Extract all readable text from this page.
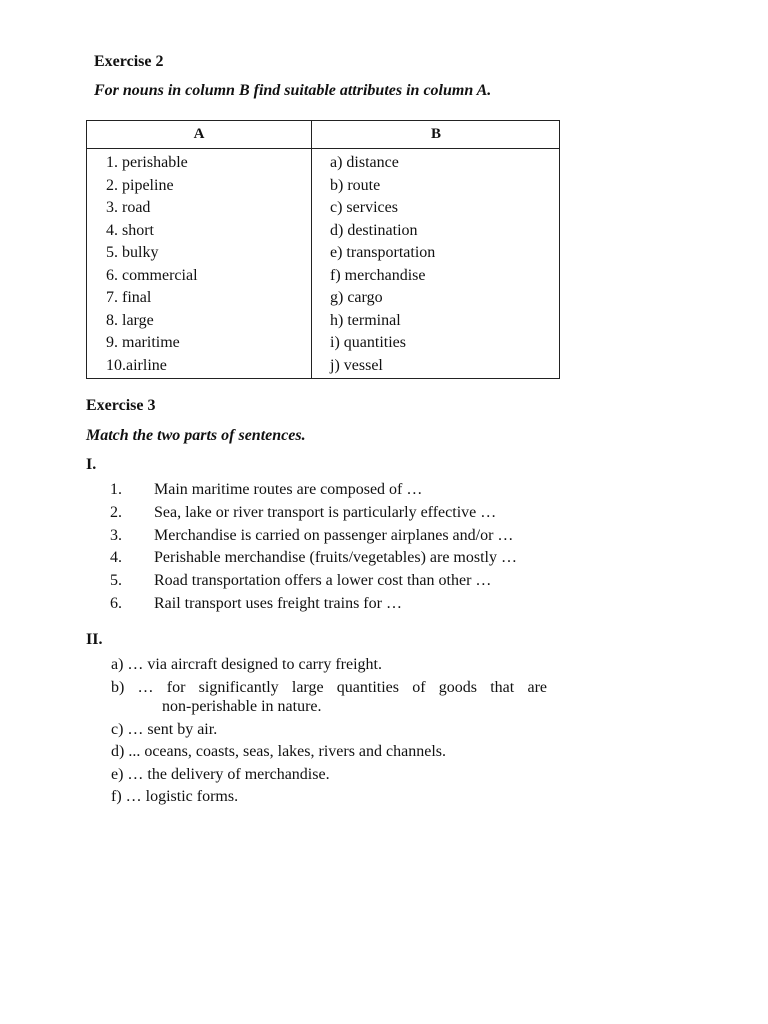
Exercise 2
For nouns in column B find suitable attributes in column A.
A	B
1. perishable
2. pipeline
3. road
4. short
5. bulky
6. commercial
7. final
8. large
9. maritime
10.airline
a) distance
b) route
c) services
d) destination
e) transportation
f) merchandise
g) cargo
h) terminal
i) quantities
j) vessel
Exercise 3
Match the two parts of sentences.
I.
1. Main maritime routes are composed of …
2. Sea, lake or river transport is particularly effective …
3. Merchandise is carried on passenger airplanes and/or …
4. Perishable merchandise (fruits/vegetables) are mostly …
5. Road transportation offers a lower cost than other …
6. Rail transport uses freight trains for …
II.
a) … via aircraft designed to carry freight.
b) … for significantly large quantities of goods that are
non-perishable in nature.
c) … sent by air.
d) ... oceans, coasts, seas, lakes, rivers and channels.
e) … the delivery of merchandise.
f) … logistic forms.
